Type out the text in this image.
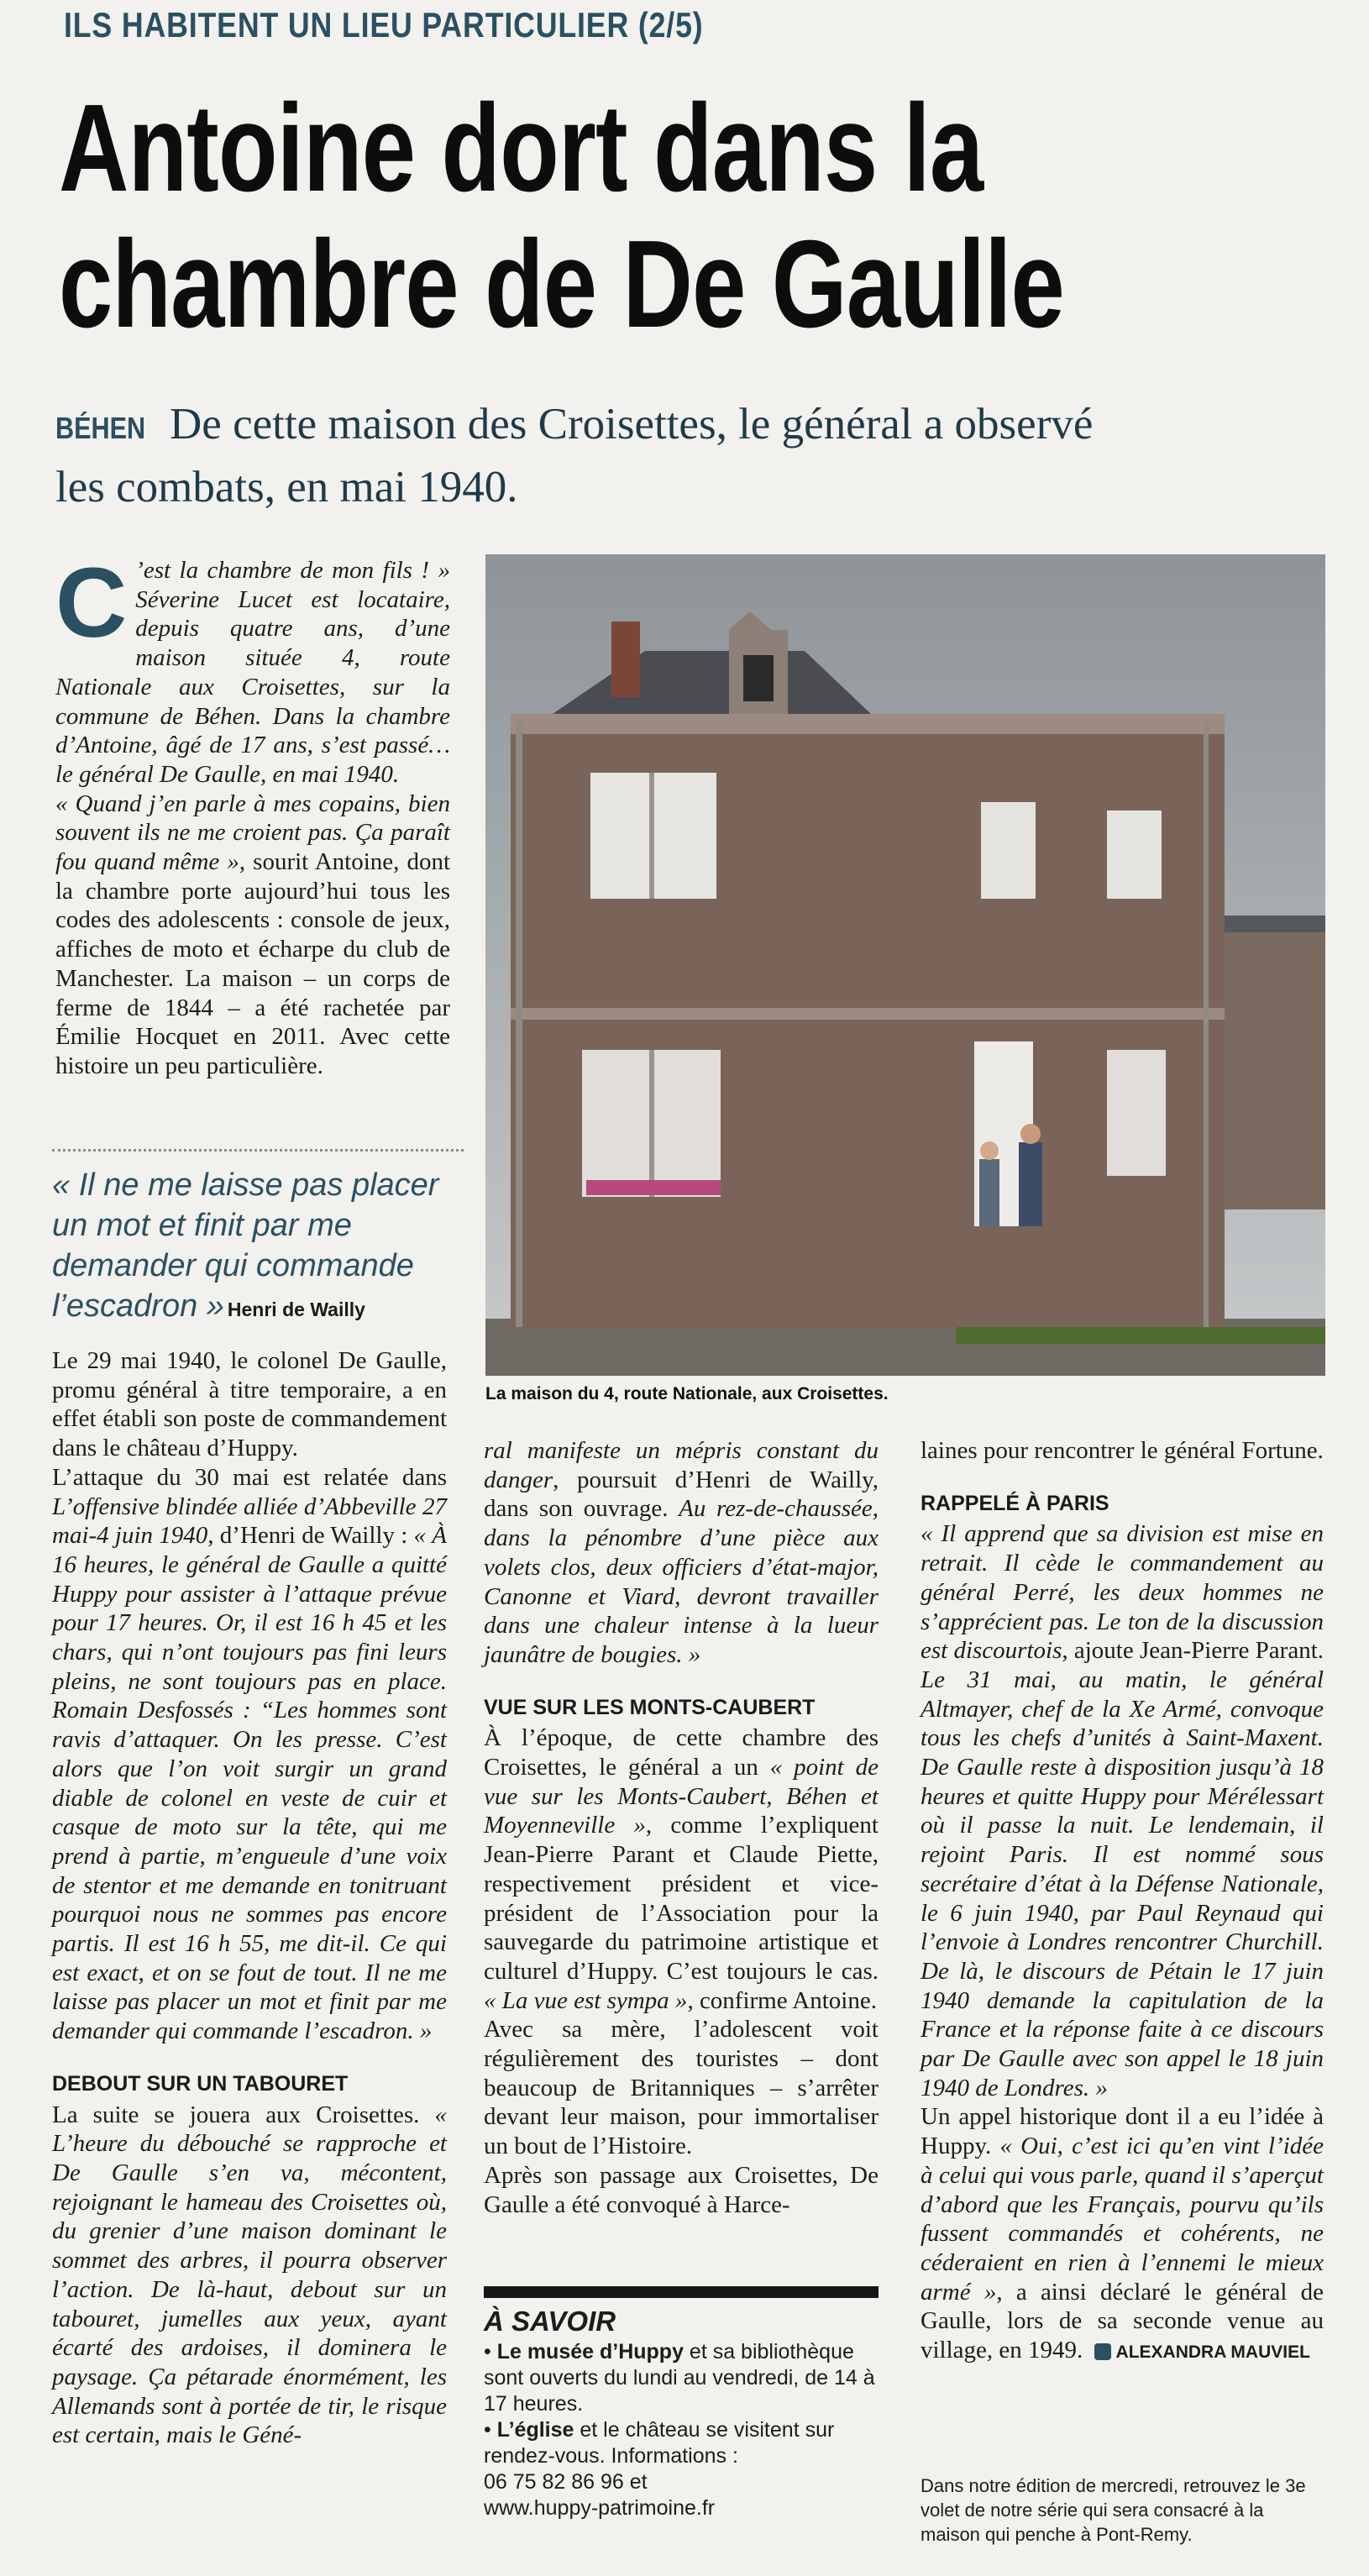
ILS HABITENT UN LIEU PARTICULIER (2/5)
Antoine dort dans la
chambre de De Gaulle
BÉHEN De cette maison des Croisettes, le général a observé les combats, en mai 1940.
C ’est la chambre de mon fils ! » Séverine Lucet est locataire, depuis quatre ans, d’une maison située 4, route Nationale aux Croisettes, sur la commune de Béhen. Dans la chambre d’Antoine, âgé de 17 ans, s’est passé… le général De Gaulle, en mai 1940.

« Quand j’en parle à mes copains, bien souvent ils ne me croient pas. Ça paraît fou quand même », sourit Antoine, dont la chambre porte aujourd’hui tous les codes des adolescents : console de jeux, affiches de moto et écharpe du club de Manchester. La maison – un corps de ferme de 1844 – a été rachetée par Émilie Hocquet en 2011. Avec cette histoire un peu particulière.

« Il ne me laisse pas placer un mot et finit par me demander qui commande l’escadron » Henri de Wailly
La maison du 4, route Nationale, aux Croisettes.

Le 29 mai 1940, le colonel De Gaulle, promu général à titre temporaire, a en effet établi son poste de commandement dans le château d’Huppy.

L’attaque du 30 mai est relatée dans L’offensive blindée alliée d’Abbeville 27 mai-4 juin 1940, d’Henri de Wailly : « À 16 heures, le général de Gaulle a quitté Huppy pour assister à l’attaque prévue pour 17 heures. Or, il est 16 h 45 et les chars, qui n’ont toujours pas fini leurs pleins, ne sont toujours pas en place. Romain Desfossés : “Les hommes sont ravis d’attaquer. On les presse. C’est alors que l’on voit surgir un grand diable de colonel en veste de cuir et casque de moto sur la tête, qui me prend à partie, m’engueule d’une voix de stentor et me demande en tonitruant pourquoi nous ne sommes pas encore partis. Il est 16 h 55, me dit-il. Ce qui est exact, et on se fout de tout. Il ne me laisse pas placer un mot et finit par me demander qui commande l’escadron. »

DEBOUT SUR UN TABOURET

La suite se jouera aux Croisettes. « L’heure du débouché se rapproche et De Gaulle s’en va, mécontent, rejoignant le hameau des Croisettes où, du grenier d’une maison dominant le sommet des arbres, il pourra observer l’action. De là-haut, debout sur un tabouret, jumelles aux yeux, ayant écarté des ardoises, il dominera le paysage. Ça pétarade énormément, les Allemands sont à portée de tir, le risque est certain, mais le Géné-

ral manifeste un mépris constant du danger, poursuit d’Henri de Wailly, dans son ouvrage. Au rez-de-chaussée, dans la pénombre d’une pièce aux volets clos, deux officiers d’état-major, Canonne et Viard, devront travailler dans une chaleur intense à la lueur jaunâtre de bougies. »

VUE SUR LES MONTS-CAUBERT

À l’époque, de cette chambre des Croisettes, le général a un « point de vue sur les Monts-Caubert, Béhen et Moyenneville », comme l’expliquent Jean-Pierre Parant et Claude Piette, respectivement président et vice-président de l’Association pour la sauvegarde du patrimoine artistique et culturel d’Huppy. C’est toujours le cas. « La vue est sympa », confirme Antoine.

Avec sa mère, l’adolescent voit régulièrement des touristes – dont beaucoup de Britanniques – s’arrêter devant leur maison, pour immortaliser un bout de l’Histoire.

Après son passage aux Croisettes, De Gaulle a été convoqué à Harce-

À SAVOIR
• Le musée d’Huppy et sa bibliothèque sont ouverts du lundi au vendredi, de 14 à 17 heures.
• L’église et le château se visitent sur rendez-vous. Informations :
06 75 82 86 96 et
www.huppy-patrimoine.fr

laines pour rencontrer le général Fortune.

RAPPELÉ À PARIS

« Il apprend que sa division est mise en retrait. Il cède le commandement au général Perré, les deux hommes ne s’apprécient pas. Le ton de la discussion est discourtois, ajoute Jean-Pierre Parant. Le 31 mai, au matin, le général Altmayer, chef de la Xe Armé, convoque tous les chefs d’unités à Saint-Maxent. De Gaulle reste à disposition jusqu’à 18 heures et quitte Huppy pour Mérélessart où il passe la nuit. Le lendemain, il rejoint Paris. Il est nommé sous secrétaire d’état à la Défense Nationale, le 6 juin 1940, par Paul Reynaud qui l’envoie à Londres rencontrer Churchill. De là, le discours de Pétain le 17 juin 1940 demande la capitulation de la France et la réponse faite à ce discours par De Gaulle avec son appel le 18 juin 1940 de Londres. »

Un appel historique dont il a eu l’idée à Huppy. « Oui, c’est ici qu’en vint l’idée à celui qui vous parle, quand il s’aperçut d’abord que les Français, pourvu qu’ils fussent commandés et cohérents, ne céderaient en rien à l’ennemi le mieux armé », a ainsi déclaré le général de Gaulle, lors de sa seconde venue au village, en 1949. ALEXANDRA MAUVIEL

Dans notre édition de mercredi, retrouvez le 3e volet de notre série qui sera consacré à la maison qui penche à Pont-Remy.
